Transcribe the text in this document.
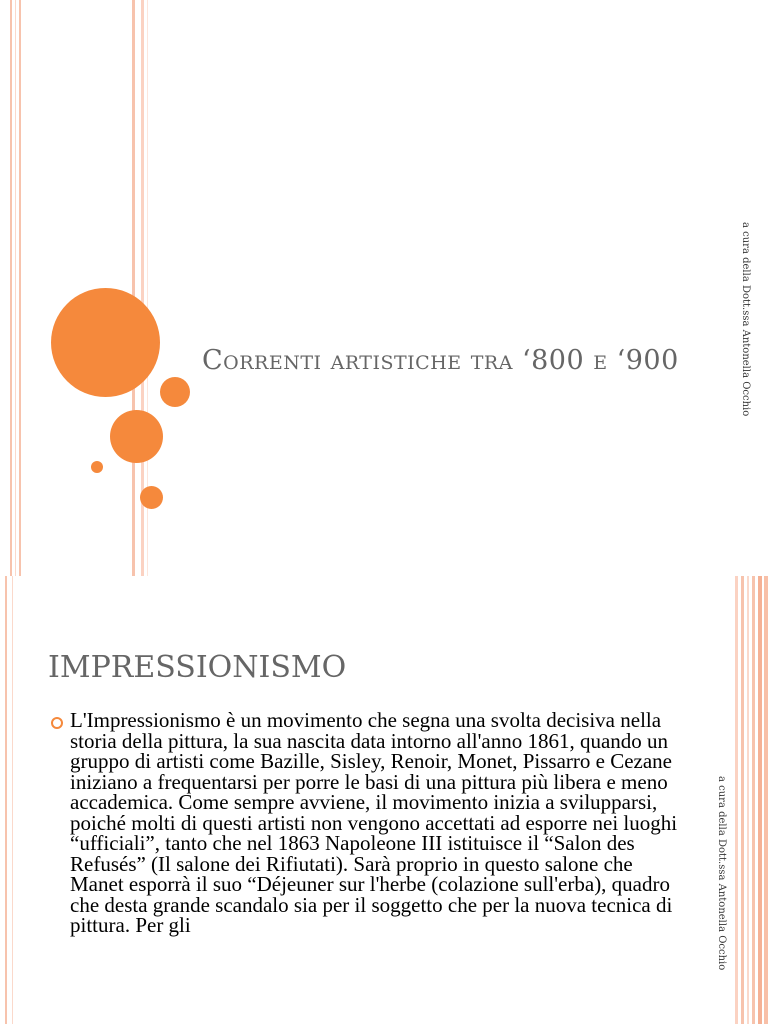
Correnti artistiche tra ‘800 e ‘900	a cura della Dott.ssa Antonella Occhio
IMPRESSIONISMO

L'Impressionismo è un movimento che segna una svolta decisiva nella storia della pittura, la sua nascita data intorno all'anno 1861, quando un gruppo di artisti come Bazille, Sisley, Renoir, Monet, Pissarro e Cezane iniziano a frequentarsi per porre le basi di una pittura più libera e meno accademica. Come sempre avviene, il movimento inizia a svilupparsi, poiché molti di questi artisti non vengono accettati ad esporre nei luoghi “ufficiali”, tanto che nel 1863 Napoleone III istituisce il “Salon des Refusés” (Il salone dei Rifiutati). Sarà proprio in questo salone che Manet esporrà il suo “Déjeuner sur l'herbe (colazione sull'erba), quadro che desta grande scandalo sia per il soggetto che per la nuova tecnica di pittura. Per gli	a cura della Dott.ssa Antonella Occhio
